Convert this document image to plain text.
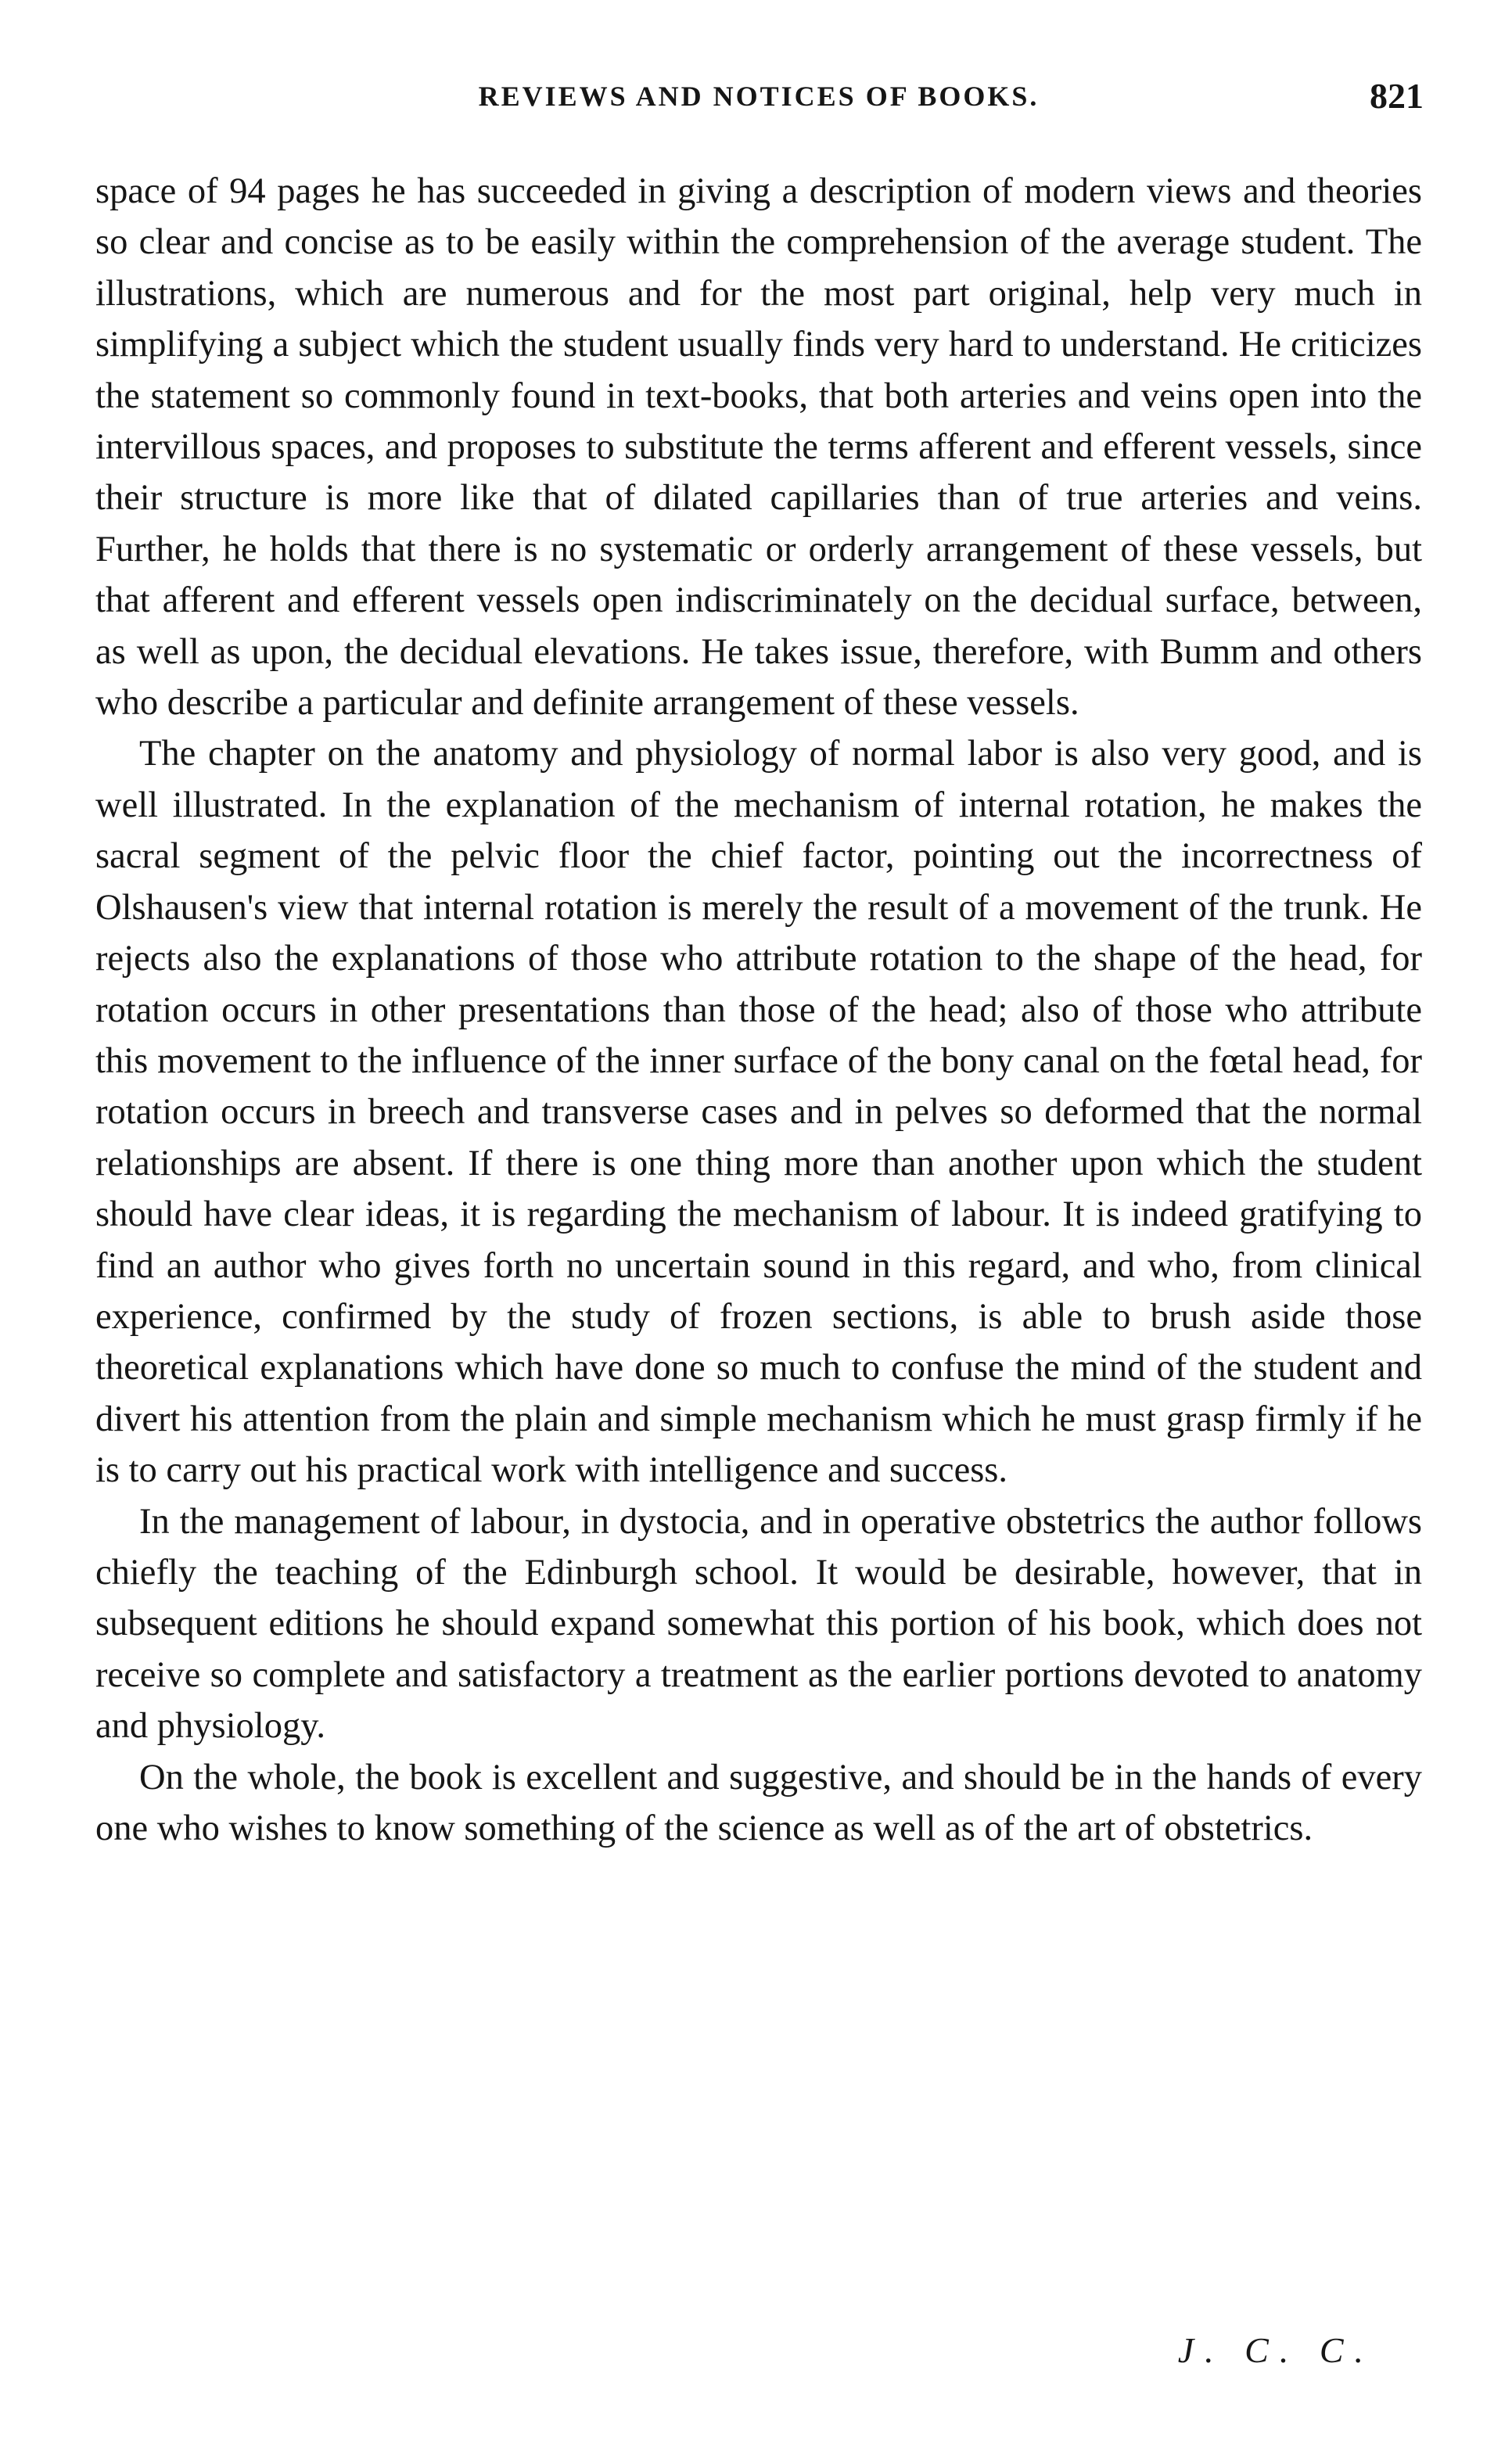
REVIEWS AND NOTICES OF BOOKS.	821

space of 94 pages he has succeeded in giving a description of modern views and theories so clear and concise as to be easily within the comprehension of the average student. The illustrations, which are numerous and for the most part original, help very much in simplifying a subject which the student usually finds very hard to understand. He criticizes the statement so commonly found in text-books, that both arteries and veins open into the intervillous spaces, and proposes to substitute the terms afferent and efferent vessels, since their structure is more like that of dilated capillaries than of true arteries and veins. Further, he holds that there is no systematic or orderly arrangement of these vessels, but that afferent and efferent vessels open indiscriminately on the decidual surface, between, as well as upon, the decidual elevations. He takes issue, therefore, with Bumm and others who describe a particular and definite arrangement of these vessels.

The chapter on the anatomy and physiology of normal labor is also very good, and is well illustrated. In the explanation of the mechanism of internal rotation, he makes the sacral segment of the pelvic floor the chief factor, pointing out the incorrectness of Olshausen's view that internal rotation is merely the result of a movement of the trunk. He rejects also the explanations of those who attribute rotation to the shape of the head, for rotation occurs in other presentations than those of the head; also of those who attribute this movement to the influence of the inner surface of the bony canal on the fœtal head, for rotation occurs in breech and transverse cases and in pelves so deformed that the normal relationships are absent. If there is one thing more than another upon which the student should have clear ideas, it is regarding the mechanism of labour. It is indeed gratifying to find an author who gives forth no uncertain sound in this regard, and who, from clinical experience, confirmed by the study of frozen sections, is able to brush aside those theoretical explanations which have done so much to confuse the mind of the student and divert his attention from the plain and simple mechanism which he must grasp firmly if he is to carry out his practical work with intelligence and success.

In the management of labour, in dystocia, and in operative obstetrics the author follows chiefly the teaching of the Edinburgh school. It would be desirable, however, that in subsequent editions he should expand somewhat this portion of his book, which does not receive so complete and satisfactory a treatment as the earlier portions devoted to anatomy and physiology.

On the whole, the book is excellent and suggestive, and should be in the hands of every one who wishes to know something of the science as well as of the art of obstetrics.

J. C. C.
